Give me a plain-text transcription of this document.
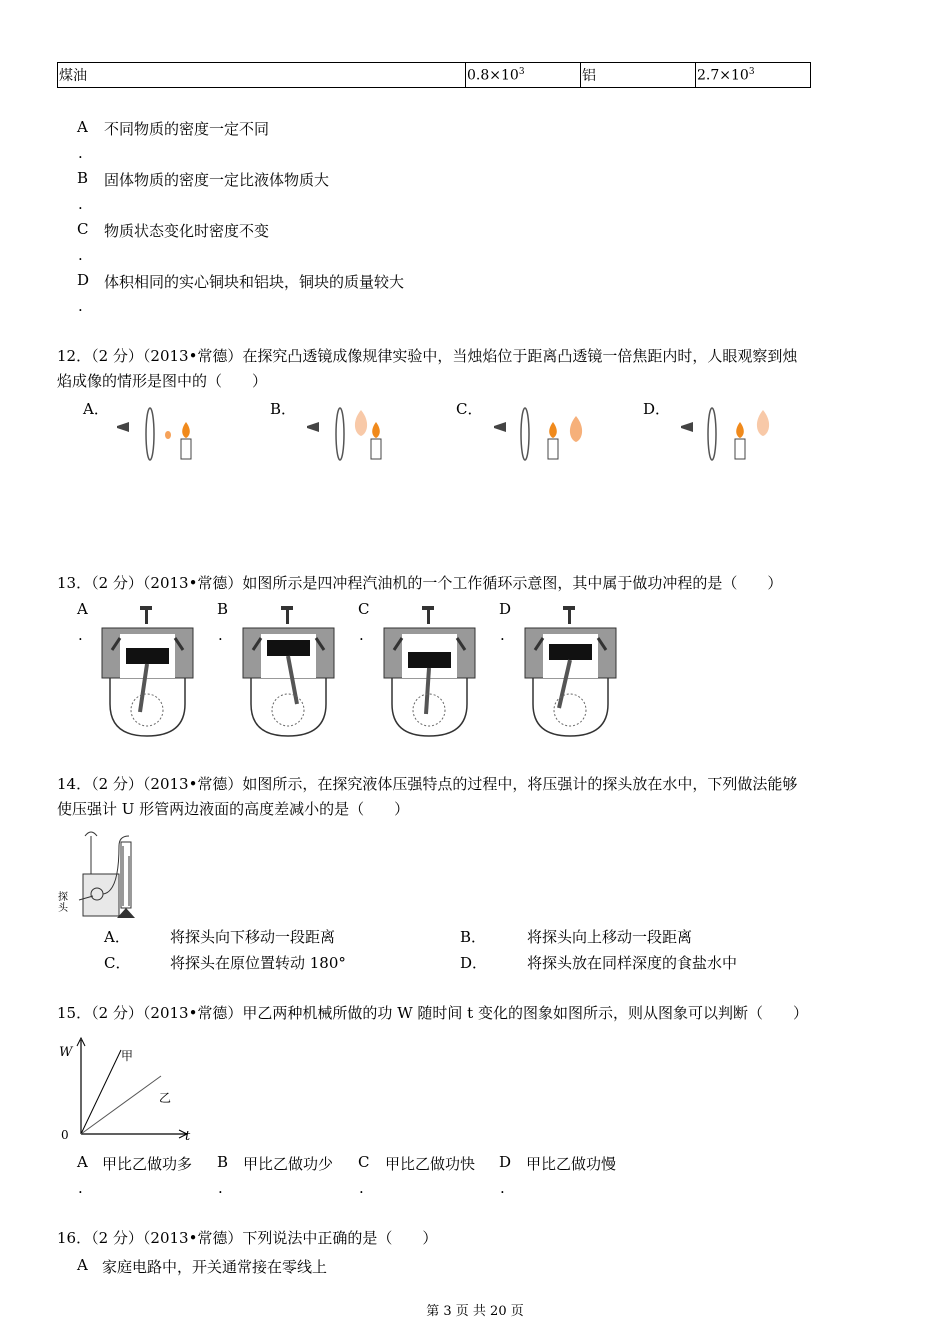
煤油	$0.8\times 10^3$	铝	$2.7\times 10^3$
A 不同物质的密度一定不同
.
B 固体物质的密度一定比液体物质大
.
C 物质状态变化时密度不变
.
D 体积相同的实心铜块和铝块，铜块的质量较大
.
12．（2 分）（2013•常德）在探究凸透镜成像规律实验中，当烛焰位于距离凸透镜一倍焦距内时，人眼观察到烛
焰成像的情形是图中的（　　）
A．	B．	C．	D．
13．（2 分）（2013•常德）如图所示是四冲程汽油机的一个工作循环示意图，其中属于做功冲程的是（　　）
A
.
B
.
C
.
D
.
14．（2 分）（2013•常德）如图所示，在探究液体压强特点的过程中，将压强计的探头放在水中，下列做法能够
使压强计 U 形管两边液面的高度差减小的是（　　）
探头
A．	将探头向下移动一段距离	B．	将探头向上移动一段距离
C．	将探头在原位置转动 180°	D．	将探头放在同样深度的食盐水中
15．（2 分）（2013•常德）甲乙两种机械所做的功 W 随时间 t 变化的图象如图所示，则从图象可以判断（　　）
W
t
0
甲
乙
A 甲比乙做功多
.
B 甲比乙做功少
.
C 甲比乙做功快
.
D 甲比乙做功慢
.
16．（2 分）（2013•常德）下列说法中正确的是（　　）
A 家庭电路中，开关通常接在零线上
第 3 页 共 20 页
